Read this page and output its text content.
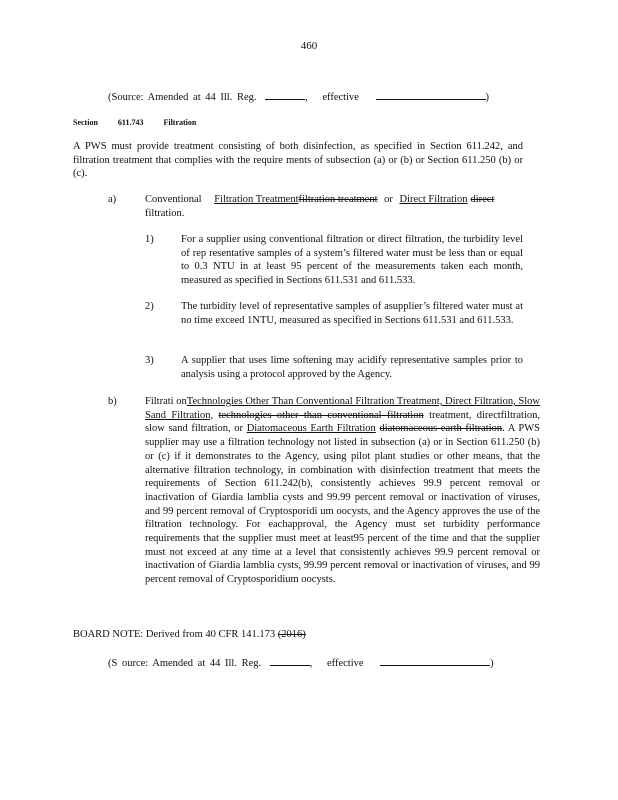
460
(Source: Amended at 44 Ill. Reg.	, effective	)
Section	611.743	Filtration
A PWS must provide treatment consisting of both disinfection, as specified in Section 611.242, and filtration treatment that complies with the require ments of subsection (a) or (b) or Section 611.250 (b) or (c).
a)	Conventional Filtration Treatmentfiltration treatment or Direct Filtration direct
filtration.
1)	For a supplier using conventional filtration or direct filtration, the turbidity level of rep resentative samples of a system’s filtered water must be less than or equal to 0.3 NTU in at least 95 percent of the measurements taken each month, measured as specified in Sections 611.531 and 611.533.
2)	The turbidity level of representative samples of asupplier’s filtered water must at no time exceed 1NTU, measured as specified in Sections 611.531 and 611.533.
3)	A supplier that uses lime softening may acidify representative samples prior to analysis using a protocol approved by the Agency.
b)	Filtrati onTechnologies Other Than Conventional Filtration Treatment, Direct Filtration, Slow Sand Filtration, technologies other than conventional filtration treatment, directfiltration, slow sand filtration, or Diatomaceous Earth Filtration diatomaceous earth filtration. A PWS supplier may use a filtration technology not listed in subsection (a) or in Section 611.250 (b) or (c) if it demonstrates to the Agency, using pilot plant studies or other means, that the alternative filtration technology, in combination with disinfection treatment that meets the requirements of Section 611.242(b), consistently achieves 99.9 percent removal or inactivation of Giardia lamblia cysts and 99.99 percent removal or inactivation of viruses, and 99 percent removal of Cryptosporidi um oocysts, and the Agency approves the use of the filtration technology. For eachapproval, the Agency must set turbidity performance requirements that the supplier must meet at least95 percent of the time and that the supplier must not exceed at any time at a level that consistently achieves 99.9 percent removal or inactivation of Giardia lamblia cysts, 99.99 percent removal or inactivation of viruses, and 99 percent removal of Cryptosporidium oocysts.
BOARD NOTE: Derived from 40 CFR 141.173 (2016)
(S ource: Amended at 44 Ill. Reg.	, effective	)
